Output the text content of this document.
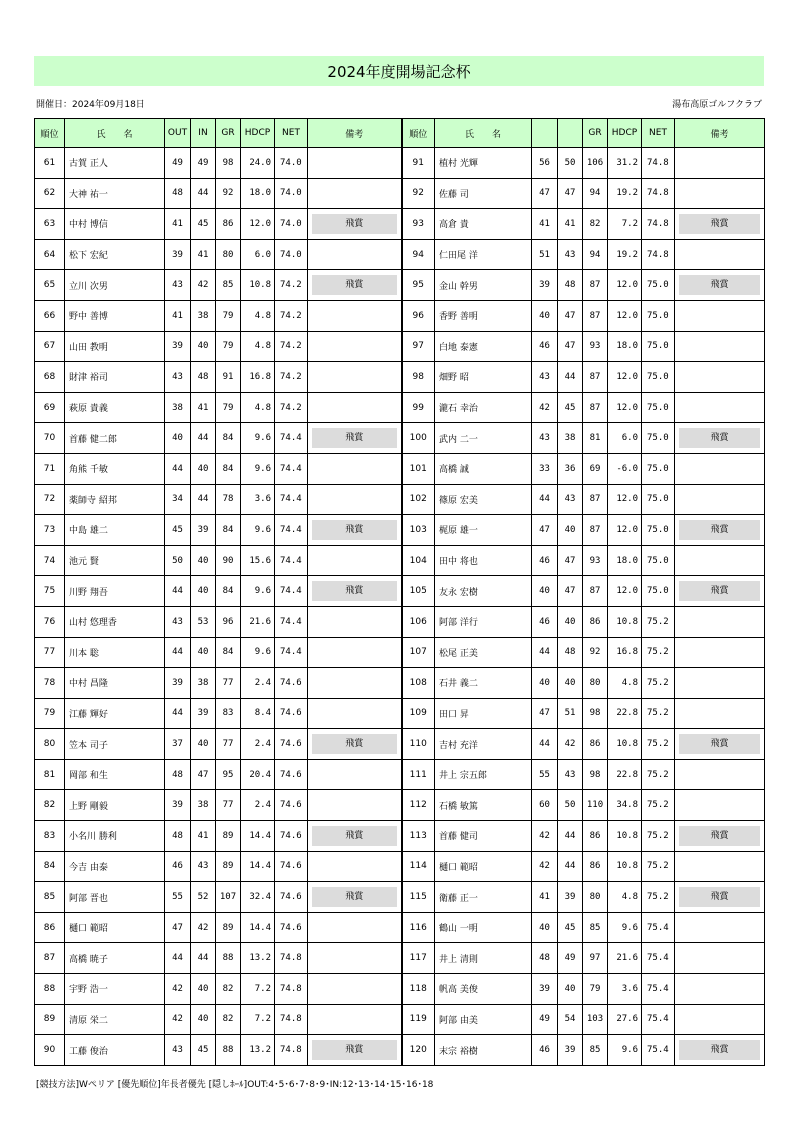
2024年度開場記念杯
開催日：2024年09月18日	湯布高原ゴルフクラブ
順位	氏　　名	OUT	IN	GR	HDCP	NET	備考	順位	氏　　名			GR	HDCP	NET	備考
61	古賀 正人	49	49	98	24.0	74.0		91	植村 光輝	56	50	106	31.2	74.8	
62	大神 祐一	48	44	92	18.0	74.0		92	佐藤 司	47	47	94	19.2	74.8	
63	中村 博信	41	45	86	12.0	74.0	飛賞	93	高倉 貴	41	41	82	7.2	74.8	飛賞

64	松下 宏紀	39	41	80	6.0	74.0		94	仁田尾 洋	51	43	94	19.2	74.8	
65	立川 次男	43	42	85	10.8	74.2	飛賞	95	金山 幹男	39	48	87	12.0	75.0	飛賞

66	野中 善博	41	38	79	4.8	74.2		96	香野 善明	40	47	87	12.0	75.0	
67	山田 教明	39	40	79	4.8	74.2		97	白地 泰憲	46	47	93	18.0	75.0	
68	財津 裕司	43	48	91	16.8	74.2		98	畑野 昭	43	44	87	12.0	75.0	
69	萩原 貴義	38	41	79	4.8	74.2		99	瀧石 幸治	42	45	87	12.0	75.0	
70	首藤 健二郎	40	44	84	9.6	74.4	飛賞	100	武内 二一	43	38	81	6.0	75.0	飛賞

71	角熊 千敏	44	40	84	9.6	74.4		101	高橋 誠	33	36	69	-6.0	75.0	
72	薬師寺 紹邦	34	44	78	3.6	74.4		102	篠原 宏美	44	43	87	12.0	75.0	
73	中島 雄二	45	39	84	9.6	74.4	飛賞	103	梶原 雄一	47	40	87	12.0	75.0	飛賞

74	池元 賢	50	40	90	15.6	74.4		104	田中 将也	46	47	93	18.0	75.0	
75	川野 翔吾	44	40	84	9.6	74.4	飛賞	105	友永 宏樹	40	47	87	12.0	75.0	飛賞

76	山村 悠理香	43	53	96	21.6	74.4		106	阿部 洋行	46	40	86	10.8	75.2	
77	川本 聡	44	40	84	9.6	74.4		107	松尾 正美	44	48	92	16.8	75.2	
78	中村 昌隆	39	38	77	2.4	74.6		108	石井 義二	40	40	80	4.8	75.2	
79	江藤 輝好	44	39	83	8.4	74.6		109	田口 昇	47	51	98	22.8	75.2	
80	笠本 司子	37	40	77	2.4	74.6	飛賞	110	吉村 充洋	44	42	86	10.8	75.2	飛賞

81	岡部 和生	48	47	95	20.4	74.6		111	井上 宗五郎	55	43	98	22.8	75.2	
82	上野 剛毅	39	38	77	2.4	74.6		112	石橋 敏篤	60	50	110	34.8	75.2	
83	小名川 勝利	48	41	89	14.4	74.6	飛賞	113	首藤 健司	42	44	86	10.8	75.2	飛賞

84	今吉 由泰	46	43	89	14.4	74.6		114	樋口 範昭	42	44	86	10.8	75.2	
85	阿部 晋也	55	52	107	32.4	74.6	飛賞	115	衛藤 正一	41	39	80	4.8	75.2	飛賞

86	樋口 範昭	47	42	89	14.4	74.6		116	鶴山 一明	40	45	85	9.6	75.4	
87	高橋 暁子	44	44	88	13.2	74.8		117	井上 清則	48	49	97	21.6	75.4	
88	宇野 浩一	42	40	82	7.2	74.8		118	帆高 美俊	39	40	79	3.6	75.4	
89	清原 栄二	42	40	82	7.2	74.8		119	阿部 由美	49	54	103	27.6	75.4	
90	工藤 俊治	43	45	88	13.2	74.8	飛賞	120	末宗 裕樹	46	39	85	9.6	75.4	飛賞
[競技方法]Wペリア [優先順位]年長者優先 [隠しﾎｰﾙ]OUT:4･5･6･7･8･9･IN:12･13･14･15･16･18
